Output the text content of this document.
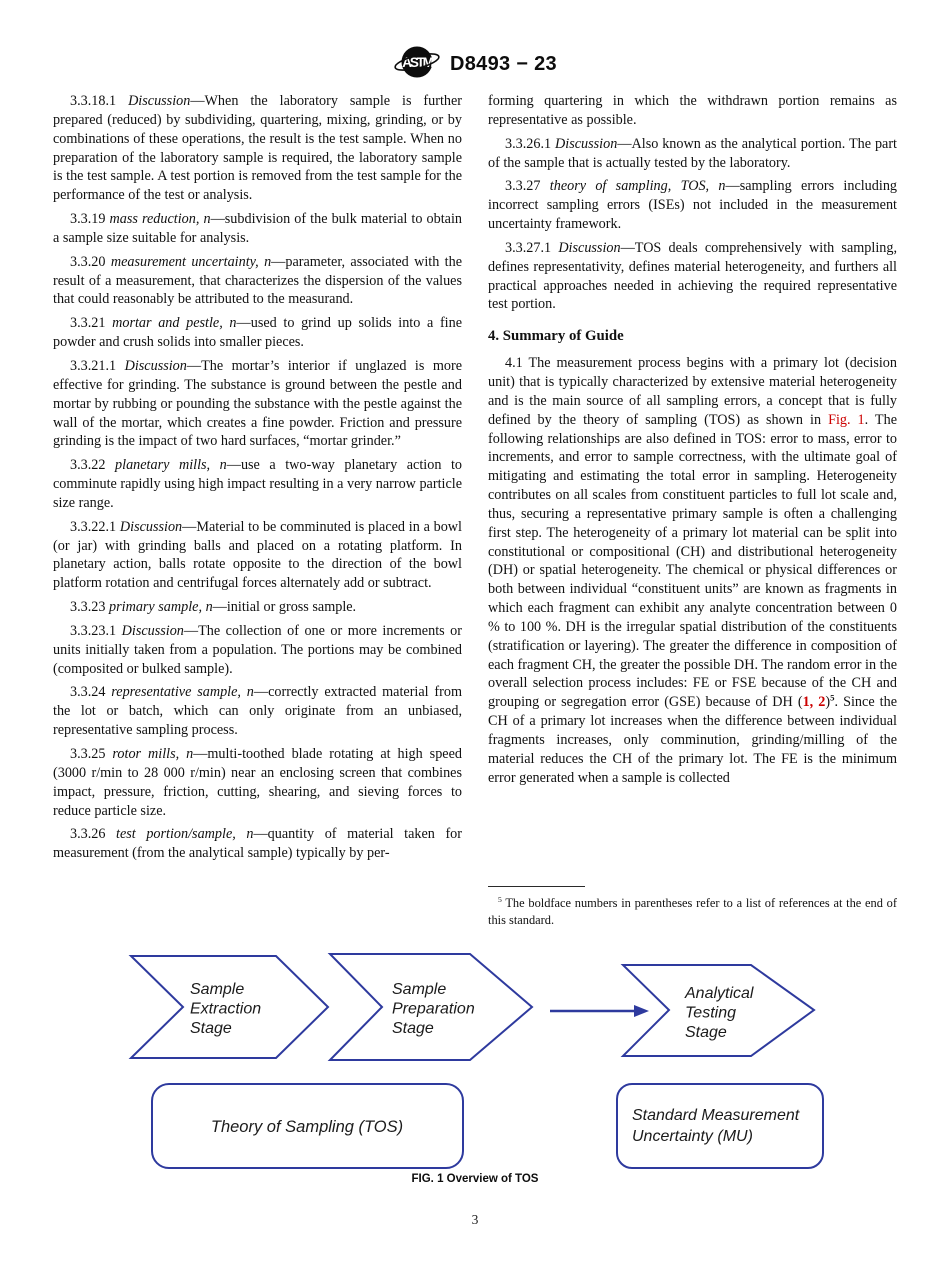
ASTM D8493 − 23

3.3.18.1 Discussion—When the laboratory sample is further prepared (reduced) by subdividing, quartering, mixing, grinding, or by combinations of these operations, the result is the test sample. When no preparation of the laboratory sample is required, the laboratory sample is the test sample. A test portion is removed from the test sample for the performance of the test or analysis.

3.3.19 mass reduction, n—subdivision of the bulk material to obtain a sample size suitable for analysis.

3.3.20 measurement uncertainty, n—parameter, associated with the result of a measurement, that characterizes the dispersion of the values that could reasonably be attributed to the measurand.

3.3.21 mortar and pestle, n—used to grind up solids into a fine powder and crush solids into smaller pieces.

3.3.21.1 Discussion—The mortar’s interior if unglazed is more effective for grinding. The substance is ground between the pestle and mortar by rubbing or pounding the substance with the pestle against the wall of the mortar, which creates a fine powder. Friction and pressure grinding is the impact of two hard surfaces, “mortar grinder.”

3.3.22 planetary mills, n—use a two-way planetary action to comminute rapidly using high impact resulting in a very narrow particle size range.

3.3.22.1 Discussion—Material to be comminuted is placed in a bowl (or jar) with grinding balls and placed on a rotating platform. In planetary action, balls rotate opposite to the direction of the bowl platform rotation and centrifugal forces alternately add or subtract.

3.3.23 primary sample, n—initial or gross sample.

3.3.23.1 Discussion—The collection of one or more increments or units initially taken from a population. The portions may be combined (composited or bulked sample).

3.3.24 representative sample, n—correctly extracted material from the lot or batch, which can only originate from an unbiased, representative sampling process.

3.3.25 rotor mills, n—multi-toothed blade rotating at high speed (3000 r/min to 28 000 r/min) near an enclosing screen that combines impact, pressure, friction, cutting, shearing, and sieving forces to reduce particle size.

3.3.26 test portion/sample, n—quantity of material taken for measurement (from the analytical sample) typically by per-

forming quartering in which the withdrawn portion remains as representative as possible.

3.3.26.1 Discussion—Also known as the analytical portion. The part of the sample that is actually tested by the laboratory.

3.3.27 theory of sampling, TOS, n—sampling errors including incorrect sampling errors (ISEs) not included in the measurement uncertainty framework.

3.3.27.1 Discussion—TOS deals comprehensively with sampling, defines representativity, defines material heterogeneity, and furthers all practical approaches needed in achieving the required representative test portion.

4. Summary of Guide

4.1 The measurement process begins with a primary lot (decision unit) that is typically characterized by extensive material heterogeneity and is the main source of all sampling errors, a concept that is fully defined by the theory of sampling (TOS) as shown in Fig. 1. The following relationships are also defined in TOS: error to mass, error to increments, and error to sample correctness, with the ultimate goal of mitigating and estimating the total error in sampling. Heterogeneity contributes on all scales from constituent particles to full lot scale and, thus, securing a representative primary sample is often a challenging first step. The heterogeneity of a primary lot material can be split into constitutional or compositional (CH) and distributional heterogeneity (DH) or spatial heterogeneity. The chemical or physical differences or both between individual “constituent units” are known as fragments in which each fragment can exhibit any analyte concentration between 0 % to 100 %. DH is the irregular spatial distribution of the constituents (stratification or layering). The greater the difference in composition of each fragment CH, the greater the possible DH. The random error in the overall selection process includes: FE or FSE because of the CH and grouping or segregation error (GSE) because of DH (1, 2)$^5$. Since the CH of a primary lot increases when the difference between individual fragments increases, only comminution, grinding/milling of the material reduces the CH of the primary lot. The FE is the minimum error generated when a sample is collected

$^5$ The boldface numbers in parentheses refer to a list of references at the end of this standard.

Sample Extraction Stage
Sample Preparation Stage
Analytical Testing Stage
Theory of Sampling (TOS)
Standard Measurement Uncertainty (MU)
FIG. 1 Overview of TOS
3
